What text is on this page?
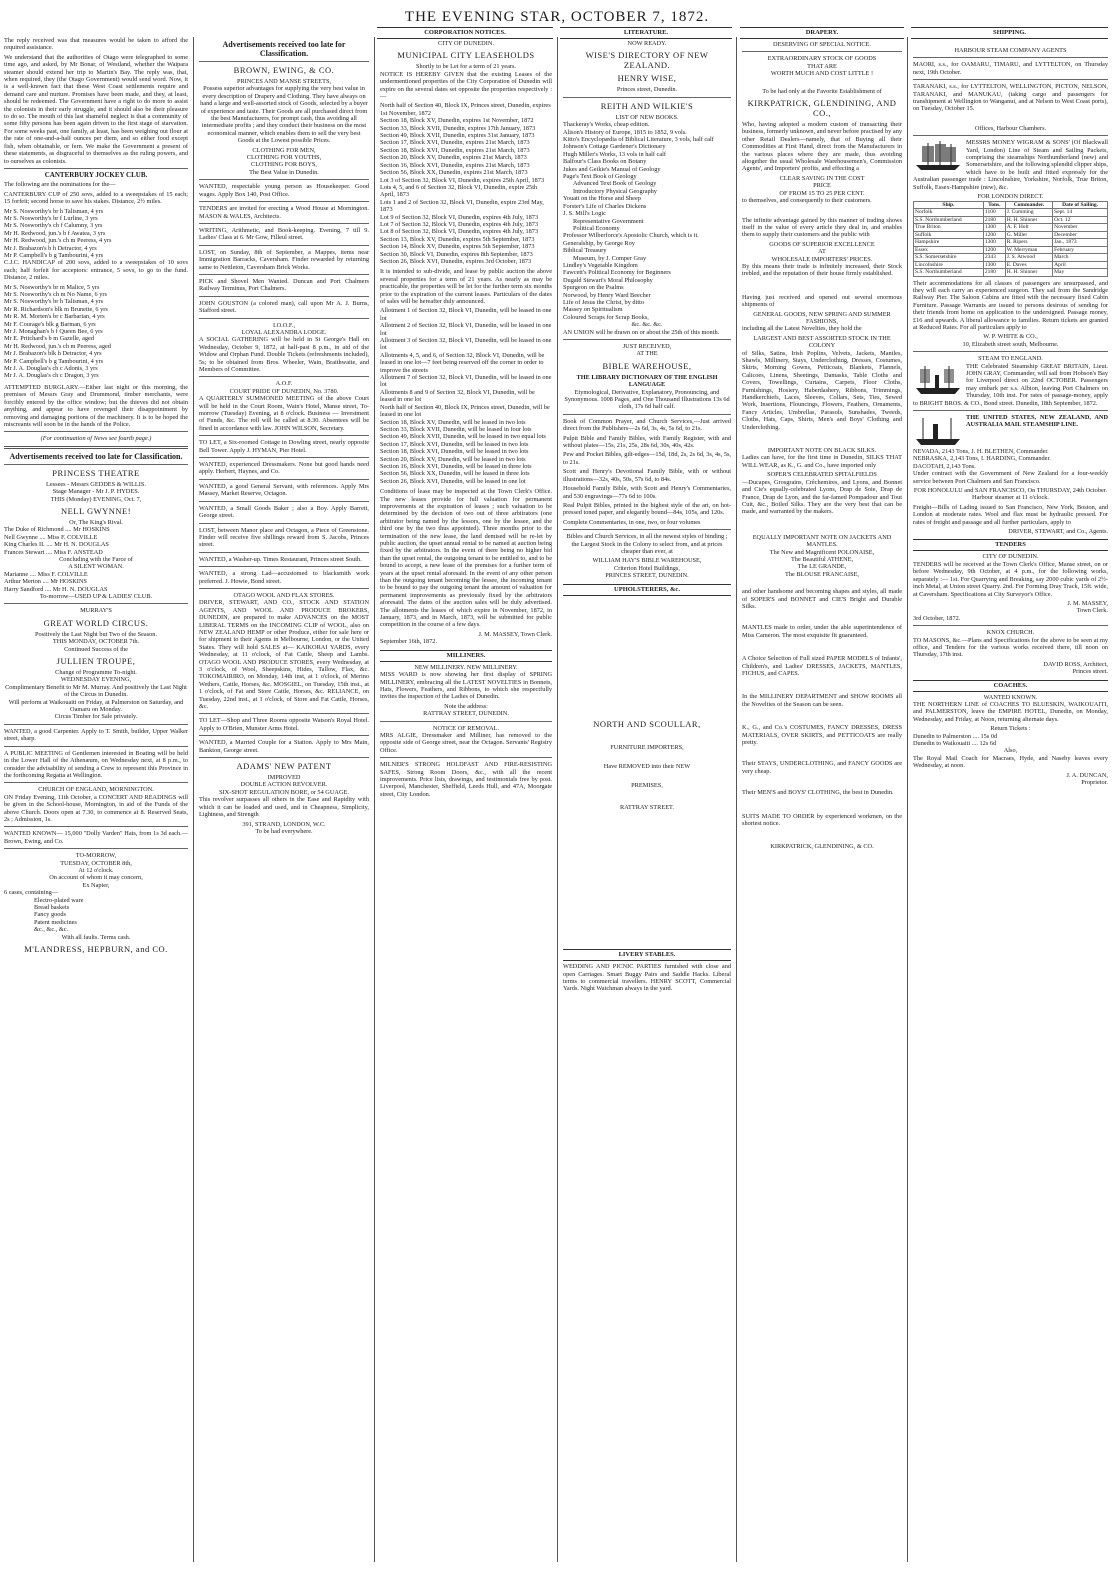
THE EVENING STAR, OCTOBER 7, 1872.
CORPORATION NOTICES.	LITERATURE.	DRAPERY.	SHIPPING.

The reply received was that measures would be taken to afford the required assistance.

We understand that the authorities of Otago were telegraphed to some time ago, and asked, by Mr Bonar, of Westland, whether the Waipara steamer should extend her trip to Martin's Bay. The reply was, that, when required, they (the Otago Government) would send word. Now, it is a well-known fact that these West Coast settlements require and demand care and nurture. Promises have been made, and they, at least, should be redeemed. The Government have a right to do more to assist the colonists in their early struggle, and it should also be their pleasure to do so. The mouth of this last shameful neglect is that a community of some fifty persons has been again driven to the first stage of starvation. For some weeks past, one family, at least, has been weighing out flour at the rate of one-and-a-half ounces per diem, and so either food except fish, when obtainable, or fern. We make the Government a present of these statements, as disgraceful to themselves as the ruling powers, and to ourselves as colonists.

CANTERBURY JOCKEY CLUB.

The following are the nominations for the—

CANTERBURY CUP of 250 sovs, added to a sweepstakes of 15 each; 15 forfeit; second horse to save his stakes. Distance, 2½ miles.

Mr S. Nosworthy's br h Talisman, 4 yrs
Mr S. Nosworthy's br f Lurline, 3 yrs
Mr S. Nosworthy's ch f Calumny, 3 yrs
Mr H. Redwood, jun.'s b f Awatea, 3 yrs
Mr H. Redwood, jun.'s ch m Peeress, 4 yrs
Mr J. Brabazon's b h Detractor, 4 yrs
Mr P. Campbell's b g Tambourini, 4 yrs

C.J.C. HANDICAP of 200 sovs, added to a sweepstakes of 10 sovs each; half forfeit for acceptors: entrance, 5 sovs, to go to the fund. Distance, 2 miles.

Mr S. Nosworthy's br m Malice, 5 yrs
Mr S. Nosworthy's ch m No Name, 6 yrs
Mr S. Nosworthy's br h Talisman, 4 yrs
Mr R. Richardson's blk m Brunette, 6 yrs
Mr R. M. Morten's br c Barbarian, 4 yrs
Mr F. Courage's blk g Barman, 6 yrs
Mr J. Monaghan's b f Queen Bee, 6 yrs
Mr E. Pritchard's b m Gazelle, aged
Mr H. Redwood, jun.'s ch m Peeress, aged
Mr J. Brabazon's blk h Detractor, 4 yrs
Mr P. Campbell's b g Tambourini, 4 yrs
Mr J. A. Douglas's ch c Adonis, 3 yrs
Mr J. A. Douglas's ch c Dragon, 3 yrs

ATTEMPTED BURGLARY.—Either last night or this morning, the premises of Messrs Gray and Drummond, timber merchants, were forcibly entered by the office window; but the thieves did not obtain anything, and appear to have revenged their disappointment by removing and damaging portions of the machinery. It is to be hoped the miscreants will soon be in the hands of the Police.

(For continuation of News see fourth page.)
Advertisements received too late for Classification.
PRINCESS THEATRE
Lessees - Messrs GEDDES & WILLIS.
Stage Manager - Mr J. P. HYDES.
THIS (Monday) EVENING, Oct. 7,
NELL GWYNNE!
Or, The King's Rival.
The Duke of Richmond .... Mr HOSKINS
Nell Gwynne .... Miss F. COLVILLE
King Charles II. .... Mr H. N. DOUGLAS
Frances Stewart .... Miss F. ANSTEAD
Concluding with the Farce of
A SILENT WOMAN.
Marianne .... Miss F. COLVILLE
Arthur Merton .... Mr HOSKINS
Harry Sandford .... Mr H. N. DOUGLAS
To-morrow—USED UP & LADIES' CLUB.
MURRAY'S
GREAT WORLD CIRCUS.
Positively the Last Night but Two of the Season.
THIS MONDAY, OCTOBER 7th.
Continued Success of the
JULLIEN TROUPE,
Change of Programme To-night.
WEDNESDAY EVENING,
Complimentary Benefit to Mr M. Murray. And positively the Last Night of the Circus in Dunedin.
Will perform at Waikouaiti on Friday, at Palmerston on Saturday, and Oamaru on Monday.
Circus Timber for Sale privately.

WANTED, a good Carpenter. Apply to T. Smith, builder, Upper Walker street, sharp.

A PUBLIC MEETING of Gentlemen interested in Boating will be held in the Lower Hall of the Athenæum, on Wednesday next, at 8 p.m., to consider the advisability of sending a Crew to represent this Province in the forthcoming Regatta at Wellington.

CHURCH OF ENGLAND, MORNINGTON.

ON Friday Evening, 11th October, a CONCERT AND READINGS will be given in the School-house, Mornington, in aid of the Funds of the above Church. Doors open at 7.30, to commence at 8. Reserved Seats, 2s ; Admission, 1s.

WANTED KNOWN— 15,000 "Dolly Varden" Hats, from 1s 3d each.—Brown, Ewing, and Co.

TO-MORROW,
TUESDAY, OCTOBER 8th,
At 12 o'clock.
On account of whom it may concern,
Ex Napier,
6 cases, containing—
Electro-plated ware
Bread baskets
Fancy goods
Patent medicines
&c., &c., &c.
With all faults. Terms cash.
M'LANDRESS, HEPBURN, and CO.
Advertisements received too late for Classification.
BROWN, EWING, & CO.
PRINCES AND MANSE STREETS,

Possess superior advantages for supplying the very best value in every description of Drapery and Clothing. They have always on hand a large and well-assorted stock of Goods, selected by a buyer of experience and taste. Their Goods are all purchased direct from the best Manufacturers, for prompt cash, thus avoiding all intermediate profits ; and they conduct their business on the most economical manner, which enables them to sell the very best Goods at the Lowest possible Prices.

CLOTHING FOR MEN,
CLOTHING FOR YOUTHS,
CLOTHING FOR BOYS,
The Best Value in Dunedin.

WANTED, respectable young person as Housekeeper. Good wages. Apply Box 140, Post Office.

TENDERS are invited for erecting a Wood House at Mornington. MASON & WALES, Architects.

WRITING, Arithmetic, and Book-keeping. Evening, 7 till 9. Ladies' Class at 6. Mr Gow, Filleul street.

LOST, on Sunday, 8th of September, a Mappes, items near Immigration Barracks, Caversham. Finder rewarded by returning same to Nettleton, Caversham Brick Works.

PICK and Shovel Men Wanted. Duncan and Port Chalmers Railway Terminus, Port Chalmers.

JOHN GOUSTON (a colored man), call upon Mr A. J. Burns, Stafford street.

I.O.O.F.,
LOYAL ALEXANDRA LODGE.

A SOCIAL GATHERING will be held in St George's Hall on Wednesday, October 9, 1872, at half-past 8 p.m., in aid of the Widow and Orphan Fund. Double Tickets (refreshments included), 5s; to be obtained from Bros. Wheeler, Wain, Braithwaite, and Members of Committee.

A.O.F.
COURT PRIDE OF DUNEDIN, No. 3780.

A QUARTERLY SUMMONED MEETING of the above Court will be held in the Court Room, Wain's Hotel, Manse street, To-morrow (Tuesday) Evening, at 8 o'clock. Business — Investment of Funds, &c. The roll will be called at 8.30. Absentees will be fined in accordance with law. JOHN WILSON, Secretary.

TO LET, a Six-roomed Cottage in Dowling street, nearly opposite Bell Tower. Apply J. HYMAN, Pier Hotel.

WANTED, experienced Dressmakers. None but good hands need apply. Herbert, Haynes, and Co.

WANTED, a good General Servant, with references. Apply Mrs Massey, Market Reserve, Octagon.

WANTED, a Small Goods Baker ; also a Boy. Apply Barrett, George street.

LOST, between Manor place and Octagon, a Piece of Greenstone. Finder will receive five shillings reward from S. Jacobs, Princes street.

WANTED, a Washer-up. Times Restaurant, Princes street South.

WANTED, a strong Lad—accustomed to blacksmith work preferred. J. Howie, Bond street.

OTAGO WOOL AND FLAX STORES.

DRIVER, STEWART, AND CO., STOCK AND STATION AGENTS, AND WOOL AND PRODUCE BROKERS, DUNEDIN, are prepared to make ADVANCES on the MOST LIBERAL TERMS on the INCOMING CLIP of WOOL, also on NEW ZEALAND HEMP or other Produce, either for sale here or for shipment to their Agents in Melbourne, London, or the United States. They will hold SALES at— KAIKORAI YARDS, every Wednesday, at 11 o'clock, of Fat Cattle, Sheep and Lambs. OTAGO WOOL AND PRODUCE STORES, every Wednesday, at 3 o'clock, of Wool, Sheepskins, Hides, Tallow, Flax, &c. TOKOMAIRIRO, on Monday, 14th inst, at 1 o'clock, of Merino Wethers, Cattle, Horses, &c. MOSGIEL, on Tuesday, 15th inst., at 1 o'clock, of Fat and Store Cattle, Horses, &c. RELIANCE, on Tuesday, 22nd inst., at 1 o'clock, of Store and Fat Cattle, Horses, &c.

TO LET—Shop and Three Rooms opposite Watson's Royal Hotel. Apply to O'Brien, Munster Arms Hotel.

WANTED, a Married Couple for a Station. Apply to Mrs Main, Bankton, George street.

ADAMS' NEW PATENT
IMPROVED
DOUBLE ACTION REVOLVER.
SIX-SHOT REGULATION BORE, or 54 GUAGE.

This revolver surpasses all others in the Ease and Rapidity with which it can be loaded and used, and in Cheapness, Simplicity, Lightness, and Strength

391, STRAND, LONDON, W.C.
To be had everywhere.
CITY OF DUNEDIN.
MUNICIPAL CITY LEASEHOLDS
Shortly to be Let for a term of 21 years.

NOTICE IS HEREBY GIVEN that the existing Leases of the undermentioned properties of the City Corporation of Dunedin will expire on the several dates set opposite the properties respectively :—

North half of Section 40, Block IX, Princes street, Dunedin, expires 1st November, 1872
Section 18, Block XV, Dunedin, expires 1st November, 1872
Section 33, Block XVII, Dunedin, expires 17th January, 1873
Section 49, Block XVII, Dunedin, expires 31st January, 1873
Section 17, Block XVI, Dunedin, expires 21st March, 1873
Section 18, Block XVI, Dunedin, expires 21st March, 1873
Section 20, Block XV, Dunedin, expires 21st March, 1873
Section 16, Block XVI, Dunedin, expires 21st March, 1873
Section 56, Block XX, Dunedin, expires 21st March, 1873
Lot 3 of Section 32, Block VI, Dunedin, expires 25th April, 1873
Lots 4, 5, and 6 of Section 32, Block VI, Dunedin, expire 25th April, 1873
Lots 1 and 2 of Section 32, Block VI, Dunedin, expire 23rd May, 1873
Lot 9 of Section 32, Block VI, Dunedin, expires 4th July, 1873
Lot 7 of Section 32, Block VI, Dunedin, expires 4th July, 1873
Lot 8 of Section 32, Block VI, Dunedin, expires 4th July, 1873
Section 13, Block XV, Dunedin, expires 5th September, 1873
Section 14, Block XV, Dunedin, expires 5th September, 1873
Section 30, Block VI, Dunedin, expires 8th September, 1873
Section 26, Block XVI, Dunedin, expires 3rd October, 1873

It is intended to sub-divide, and lease by public auction the above several properties for a term of 21 years. As nearly as may be practicable, the properties will be let for the further term six months prior to the expiration of the current leases. Particulars of the dates of sales will be hereafter duly announced.

Allotment 1 of Section 32, Block VI, Dunedin, will be leased in one lot
Allotment 2 of Section 32, Block VI, Dunedin, will be leased in one lot
Allotment 3 of Section 32, Block VI, Dunedin, will be leased in one lot
Allotments 4, 5, and 6, of Section 32, Block VI, Dunedin, will be leased in one lot—7 feet being reserved off the corner in order to improve the streets
Allotment 7 of Section 32, Block VI, Dunedin, will be leased in one lot
Allotments 8 and 9 of Section 32, Block VI, Dunedin, will be leased in one lot
North half of Section 40, Block IX, Princes street, Dunedin, will be leased in one lot
Section 18, Block XV, Dunedin, will be leased in two lots
Section 33, Block XVII, Dunedin, will be leased in four lots
Section 49, Block XVII, Dunedin, will be leased in two equal lots
Section 17, Block XVI, Dunedin, will be leased in two lots
Section 18, Block XVI, Dunedin, will be leased in two lots
Section 20, Block XV, Dunedin, will be leased in two lots
Section 16, Block XVI, Dunedin, will be leased in three lots
Section 56, Block XX, Dunedin, will be leased in three lots
Section 26, Block XVI, Dunedin, will be leased in one lot

Conditions of lease may be inspected at the Town Clerk's Office. The new leases provide for full valuation for permanent improvements at the expiration of leases ; such valuation to be determined by the decision of two out of three arbitrators (one arbitrator being named by the lessors, one by the lessee, and the third one by the two thus appointed). Three months prior to the termination of the new lease, the land demised will be re-let by public auction, the upset annual rental to be named at auction being fixed by the arbitrators. In the event of there being no higher bid than the upset rental, the outgoing tenant to be entitled to, and to be bound to accept, a new lease of the premises for a further term of years at the upset rental aforesaid. In the event of any other person than the outgoing tenant becoming the lessee, the incoming tenant to be bound to pay the outgoing tenant the amount of valuation for permanent improvements as previously fixed by the arbitrators aforesaid. The dates of the auction sales will be duly advertised. The allotments the leases of which expire in November, 1872, in January, 1873, and in March, 1873, will be submitted for public competition in the course of a few days.

J. M. MASSEY, Town Clerk.
September 16th, 1872.
MILLINERS.
NEW MILLINERY. NEW MILLINERY.

MISS WARD is now showing her first display of SPRING MILLINERY, embracing all the LATEST NOVELTIES in Bonnets, Hats, Flowers, Feathers, and Ribbons, to which she respectfully invites the inspection of the Ladies of Dunedin.

Note the address:
RATTRAY STREET, DUNEDIN.
NOTICE OF REMOVAL.

MRS ALGIE, Dressmaker and Milliner, has removed to the opposite side of George street, near the Octagon. Servants' Registry Office.

MILNER'S STRONG HOLDFAST AND FIRE-RESISTING SAFES, Strong Room Doors, &c., with all the recent improvements. Price lists, drawings, and testimonials free by post. Liverpool, Manchester, Sheffield, Leeds Hull, and 47A, Moorgate street, City London.

NOW READY.
WISE'S DIRECTORY OF NEW ZEALAND.
HENRY WISE,
Princes street, Dunedin.
REITH AND WILKIE'S
LIST OF NEW BOOKS.
Thackeray's Works, cheap edition.
Alison's History of Europe, 1815 to 1852, 9 vols.
Kitto's Encyclopædia of Biblical Literature, 3 vols, half calf
Johnson's Cottage Gardener's Dictionary
Hugh Miller's Works, 13 vols in half calf
Balfour's Class Books on Botany
Jukes and Geikie's Manual of Geology
Page's Text Book of Geology
Advanced Text Book of Geology
Introductory Physical Geography
Youatt on the Horse and Sheep
Forster's Life of Charles Dickens
J. S. Mill's Logic
Representative Government
Political Economy
Professor Wilberforce's Apostolic Church, which is it.
Generalship, by George Roy
Biblical Treasury
Museum, by J. Comper Gray
Lindley's Vegetable Kingdom
Fawcett's Political Economy for Beginners
Dugald Stewart's Moral Philosophy
Spurgeon on the Psalms
Norwood, by Henry Ward Beecher
Life of Jesus the Christ, by ditto
Massey on Spiritualism
Coloured Scraps for Scrap Books,
&c. &c. &c.
AN UNION will be drawn on or about the 25th of this month.
JUST RECEIVED,
AT THE
BIBLE WAREHOUSE,
THE LIBRARY DICTIONARY OF THE ENGLISH LANGUAGE

Etymological, Derivative, Explanatory, Pronouncing, and Synonymous. 1008 Pages, and One Thousand Illustrations 13s 6d cloth, 17s 6d half calf.

Book of Common Prayer, and Church Services,—Just arrived direct from the Publishers—2s 6d, 3s, 4s, 5s 6d, to 21s.

Pulpit Bible and Family Bibles, with Family Register, with and without plates—15s, 21s, 25s, 28s 6d, 30s, 40s, 42s.

Pew and Pocket Bibles, gilt-edges—15d, 18d, 2s, 2s 6d, 3s, 4s, 5s, to 21s.

Scott and Henry's Devotional Family Bible, with or without illustrations—32s, 40s, 50s, 57s 6d, to 84s.

Household Family Bible, with Scott and Henry's Commentaries, and 530 engravings—77s 6d to 100s.

Real Pulpit Bibles, printed in the highest style of the art, on hot-pressed toned paper, and elegantly bound—84s, 105s, and 120s.

Complete Commentaries, in one, two, or four volumes

Bibles and Church Services, in all the newest styles of binding ; the Largest Stock in the Colony to select from, and at prices cheaper than ever, at

WILLIAM HAY'S BIBLE WAREHOUSE,
Criterion Hotel Buildings,
PRINCES STREET, DUNEDIN.
UPHOLSTERERS, &c.
NORTH AND SCOULLAR,
FURNITURE IMPORTERS,
Have REMOVED into their NEW
PREMISES,
RATTRAY STREET.
LIVERY STABLES.

WEDDING AND PICNIC PARTIES furnished with close and open Carriages. Smart Buggy Pairs and Saddle Hacks. Liberal terms to commercial travellers. HENRY SCOTT, Commercial Yards. Night Watchman always in the yard.

DESERVING OF SPECIAL NOTICE.
EXTRAORDINARY STOCK OF GOODS
THAT ARE
WORTH MUCH AND COST LITTLE !
To be had only at the Favorite Establishment of
KIRKPATRICK, GLENDINING, AND CO.,

Who, having adopted a modern custom of transacting their business, formerly unknown, and never before practised by any other Retail Dealers—namely, that of Buying all their Commodities at First Hand, direct from the Manufacturers in the various places where they are made, thus avoiding altogether the usual Wholesale Warehousemen's, Commission Agents', and Importers' profits, and effecting a

CLEAR SAVING IN THE COST
PRICE
OF FROM 15 TO 25 PER CENT.

to themselves, and consequently to their customers.

The infinite advantage gained by this manner of trading shows itself in the value of every article they deal in, and enables them to supply their customers and the public with

GOODS OF SUPERIOR EXCELLENCE
AT
WHOLESALE IMPORTERS' PRICES.

By this means their trade is infinitely increased, their Stock trebled, and the reputation of their house firmly established.

Having just received and opened out several enormous shipments of

GENERAL GOODS, NEW SPRING AND SUMMER FASHIONS,

including all the Latest Novelties, they hold the

LARGEST AND BEST ASSORTED STOCK IN THE COLONY

of Silks, Satins, Irish Poplins, Velvets, Jackets, Mantles, Shawls, Millinery, Stays, Underclothing, Dresses, Costumes, Skirts, Morning Gowns, Petticoats, Blankets, Flannels, Calicoes, Linens, Sheetings, Damasks, Table Cloths and Covers, Towellings, Curtains, Carpets, Floor Cloths, Furnishings, Hosiery, Haberdashery, Ribbons, Trimmings, Handkerchiefs, Laces, Sleeves, Collars, Sets, Ties, Sewed Work, Insertions, Flouncings, Flowers, Feathers, Ornaments, Fancy Articles, Umbrellas, Parasols, Sunshades, Tweeds, Cloths, Hats, Caps, Shirts, Men's and Boys' Clothing and Underclothing.

IMPORTANT NOTE ON BLACK SILKS.

Ladies can have, for the first time in Dunedin, SILKS THAT WILL WEAR, as K., G. and Co., have imported only

SOPER'S CELEBRATED SPITALFIELDS

—Ducapes, Grosgrains, Crêchemires, and Lyons, and Bonnet and Cie's equally-celebrated Lyons, Drap de Soie, Drap de France, Drap de Lyon, and the far-famed Pompadour and Tout Cuit, &c., Boiled Silks. They are the very best that can be made, and warranted by the makers.

EQUALLY IMPORTANT NOTE ON JACKETS AND MANTLES.
The New and Magnificent POLONAISE,
The Beautiful ATHENE,
The LE GRANDE,
The BLOUSE FRANCAISE,

and other handsome and becoming shapes and styles, all made of SOPER'S and BONNET and CIE'S Bright and Durable Silks.

MANTLES made to order, under the able superintendence of Miss Cameron. The most exquisite fit guaranteed.

A Choice Selection of Full sized PAPER MODELS of Infants', Children's, and Ladies' DRESSES, JACKETS, MANTLES, FICHUS, and CAPES.

In the MILLINERY DEPARTMENT and SHOW ROOMS all the Novelties of the Season can be seen.

K., G., and Co.'s COSTUMES, FANCY DRESSES, DRESS MATERIALS, OVER SKIRTS, and PETTICOATS are really pretty.

Their STAYS, UNDERCLOTHING, and FANCY GOODS are very cheap.

Their MEN'S and BOYS' CLOTHING, the best in Dunedin.

SUITS MADE TO ORDER by experienced workmen, on the shortest notice.

KIRKPATRICK, GLENDINING, & CO.
HARBOUR STEAM COMPANY AGENTS

MAORI, s.s., for OAMARU, TIMARU, and LYTTELTON, on Thursday next, 19th October.

TARANAKI, s.s., for LYTTELTON, WELLINGTON, PICTON, NELSON, TARANAKI, and MANUKAU, (taking cargo and passengers for transhipment at Wellington to Wanganui, and at Nelson to West Coast ports), on Tuesday, October 15.

Offices, Harbour Chambers.

MESSRS MONEY WIGRAM & SONS' (Of Blackwall Yard, London) Line of Steam and Sailing Packets, comprising the steamships Northumberland (new) and Somersetshire, and the following splendid clipper ships, which have to be built and fitted expressly for the Australian passenger trade : Lincolnshire, Yorkshire, Norfolk, True Briton, Suffolk, Essex-Hampshire (new), &c.

FOR LONDON DIRECT.
Ship.	Tons.	Commander.	Date of Sailing.
Norfolk	1100	J. Cumming	Sept. 14
S.S. Northumberland	2180	H. H. Shinner	Oct. 12
True Briton	1300	A. F. Holt	November
Suffolk	1200	G. Miller	December
Hampshire	1300	R. Ripers	Jan., 1873
Essex	1200	W. Merryman	February
S.S. Somersetshire	2343	J. S. Atwood	March
Lincolnshire	1300	E. Daves	April
S.S. Northumberland	2180	H. H. Shinner	May

Their accommodations for all classes of passengers are unsurpassed, and they will each carry an experienced surgeon. They sail from the Sandridge Railway Pier. The Saloon Cabins are fitted with the necessary fixed Cabin Furniture. Passage Warrants are issued to persons desirous of sending for their friends from home on application to the undersigned. Passage money, £16 and upwards. A liberal allowance to families. Return tickets are granted at Reduced Rates. For all particulars apply to

W. P. WHITE & CO.,
10, Elizabeth street south, Melbourne.
STEAM TO ENGLAND.

THE Celebrated Steamship GREAT BRITAIN, Lieut. JOHN GRAY, Commander, will sail from Hobson's Bay for Liverpool direct on 22nd OCTOBER. Passengers may embark per s.s. Albion, leaving Port Chalmers on Thursday, 10th inst. For rates of passage-money, apply to BRIGHT BROS. & CO., Bond street. Dunedin, 18th September, 1872.

THE UNITED STATES, NEW ZEALAND, AND AUSTRALIA MAIL STEAMSHIP LINE.

NEVADA, 2143 Tons, J. H. BLETHEN, Commander.
NEBRASKA, 2,143 Tons, I. HARDING, Commander.
DACOTAH, 2,143 Tons.

Under contract with the Government of New Zealand for a four-weekly service between Port Chalmers and San Francisco.

FOR HONOLULU and SAN FRANCISCO, On THURSDAY, 24th October. Harbour steamer at 11 o'clock.

Freight—Bills of Lading issued to San Francisco, New York, Boston, and London at moderate rates. Wool and flax must be hydraulic pressed. For rates of freight and passage and all further particulars, apply to

DRIVER, STEWART, and Co., Agents.
TENDERS
CITY OF DUNEDIN.

TENDERS will be received at the Town Clerk's Office, Manse street, on or before Wednesday, 9th October, at 4 p.m., for the following works, separately :— 1st. For Quarrying and Breaking, say 2000 cubic yards of 2½-inch Metal, at Union street Quarry. 2nd. For Forming Dray Track, 15ft. wide, at Caversham. Specifications at City Surveyor's Office.

J. M. MASSEY,
Town Clerk.
3rd October, 1872.
KNOX CHURCH.

TO MASONS, &c.—Plans and Specifications for the above to be seen at my office, and Tenders for the various works received there, till noon on Thursday, 17th inst.

DAVID ROSS, Architect,
Princes street.
COACHES.
WANTED KNOWN.

THE NORTHERN LINE of COACHES TO BLUESKIN, WAIKOUAITI, and PALMERSTON, leave the EMPIRE HOTEL, Dunedin, on Monday, Wednesday, and Friday, at Noon, returning alternate days.

Return Tickets :
Dunedin to Palmerston .... 15s 0d
Dunedin to Waikouaiti .... 12s 6d
Also,

The Royal Mail Coach for Macraes, Hyde, and Naseby leaves every Wednesday, at noon.

J. A. DUNCAN,
Proprietor.
